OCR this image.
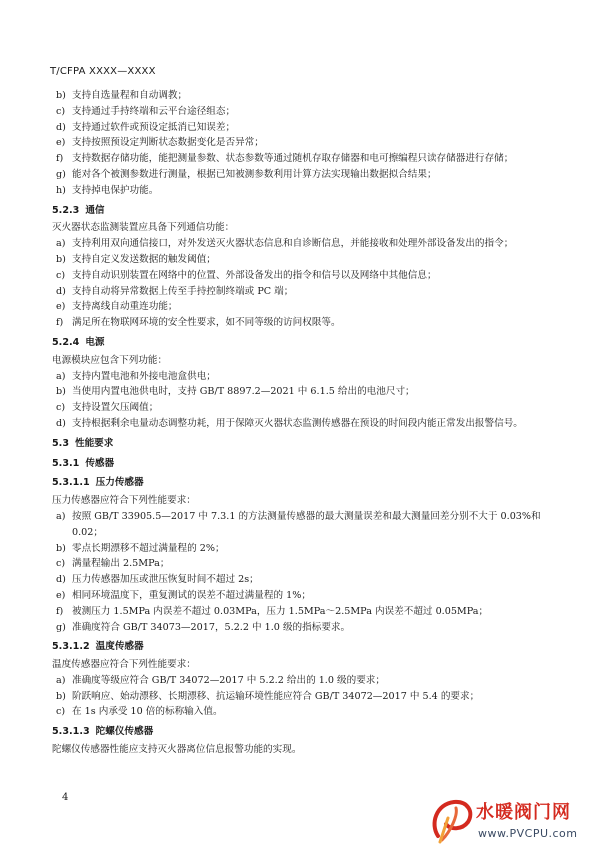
T/CFPA XXXX—XXXX
b) 支持自选量程和自动调教；
c) 支持通过手持终端和云平台途径组态；
d) 支持通过软件或预设定抵消已知误差；
e) 支持按照预设定判断状态数据变化是否异常；
f) 支持数据存储功能，能把测量参数、状态参数等通过随机存取存储器和电可擦编程只读存储器进行存储；
g) 能对各个被测参数进行测量，根据已知被测参数利用计算方法实现输出数据拟合结果；
h) 支持掉电保护功能。
5.2.3 通信
灭火器状态监测装置应具备下列通信功能：
a) 支持利用双向通信接口，对外发送灭火器状态信息和自诊断信息，并能接收和处理外部设备发出的指令；
b) 支持自定义发送数据的触发阈值；
c) 支持自动识别装置在网络中的位置、外部设备发出的指令和信号以及网络中其他信息；
d) 支持自动将异常数据上传至手持控制终端或 PC 端；
e) 支持离线自动重连功能；
f) 满足所在物联网环境的安全性要求，如不同等级的访问权限等。
5.2.4 电源
电源模块应包含下列功能：
a) 支持内置电池和外接电池盒供电；
b) 当使用内置电池供电时，支持 GB/T 8897.2—2021 中 6.1.5 给出的电池尺寸；
c) 支持设置欠压阈值；
d) 支持根据剩余电量动态调整功耗，用于保障灭火器状态监测传感器在预设的时间段内能正常发出报警信号。
5.3 性能要求
5.3.1 传感器
5.3.1.1 压力传感器
压力传感器应符合下列性能要求：
a) 按照 GB/T 33905.5—2017 中 7.3.1 的方法测量传感器的最大测量误差和最大测量回差分别不大于 0.03%和 0.02；
b) 零点长期漂移不超过满量程的 2%；
c) 满量程输出 2.5MPa；
d) 压力传感器加压或泄压恢复时间不超过 2s；
e) 相同环境温度下，重复测试的误差不超过满量程的 1%；
f) 被测压力 1.5MPa 内误差不超过 0.03MPa，压力 1.5MPa～2.5MPa 内误差不超过 0.05MPa；
g) 准确度符合 GB/T 34073—2017，5.2.2 中 1.0 级的指标要求。
5.3.1.2 温度传感器
温度传感器应符合下列性能要求：
a) 准确度等级应符合 GB/T 34072—2017 中 5.2.2 给出的 1.0 级的要求；
b) 阶跃响应、始动漂移、长期漂移、抗运输环境性能应符合 GB/T 34072—2017 中 5.4 的要求；
c) 在 1s 内承受 10 倍的标称输入值。
5.3.1.3 陀螺仪传感器
陀螺仪传感器性能应支持灭火器离位信息报警功能的实现。
4
水暖阀门网
www.PVCPU.com
